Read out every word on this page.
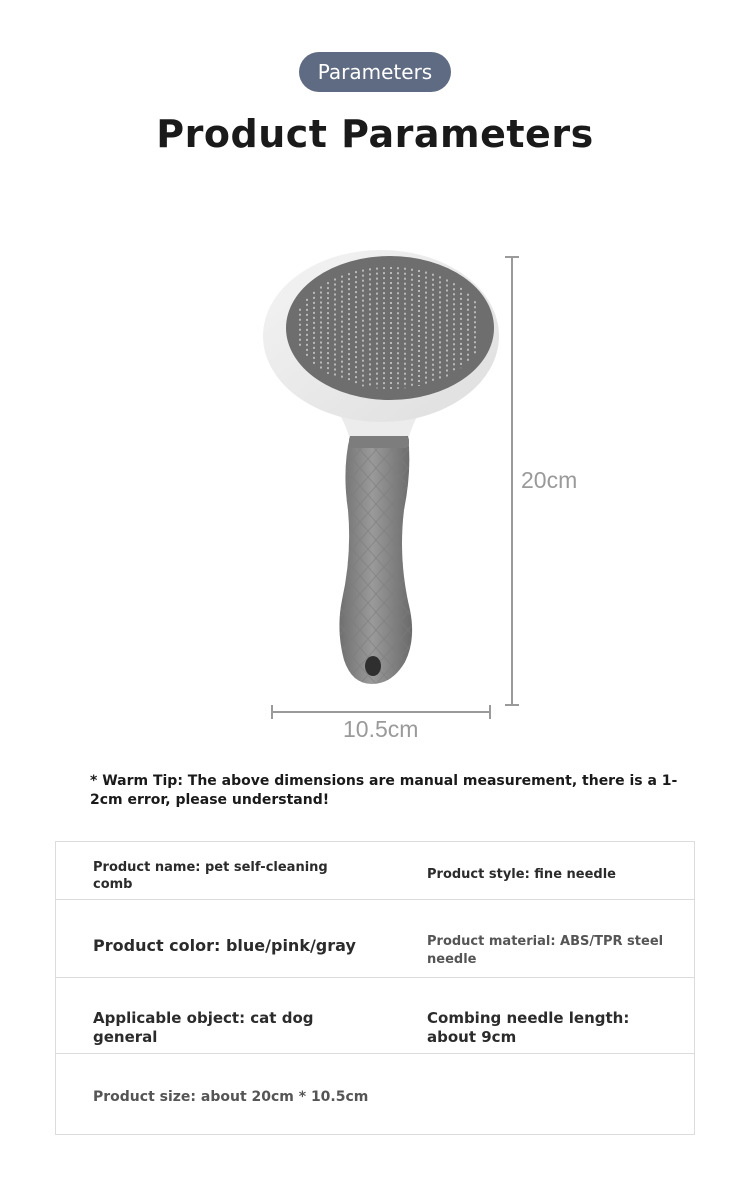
Parameters
Product Parameters
20cm
10.5cm
* Warm Tip: The above dimensions are manual measurement, there is a 1-2cm error, please understand!
Product name: pet self-cleaning comb
Product style: fine needle
Product color: blue/pink/gray	Product material: ABS/TPR steel needle
Applicable object: cat dog general
Combing needle length: about 9cm
Product size: about 20cm * 10.5cm
